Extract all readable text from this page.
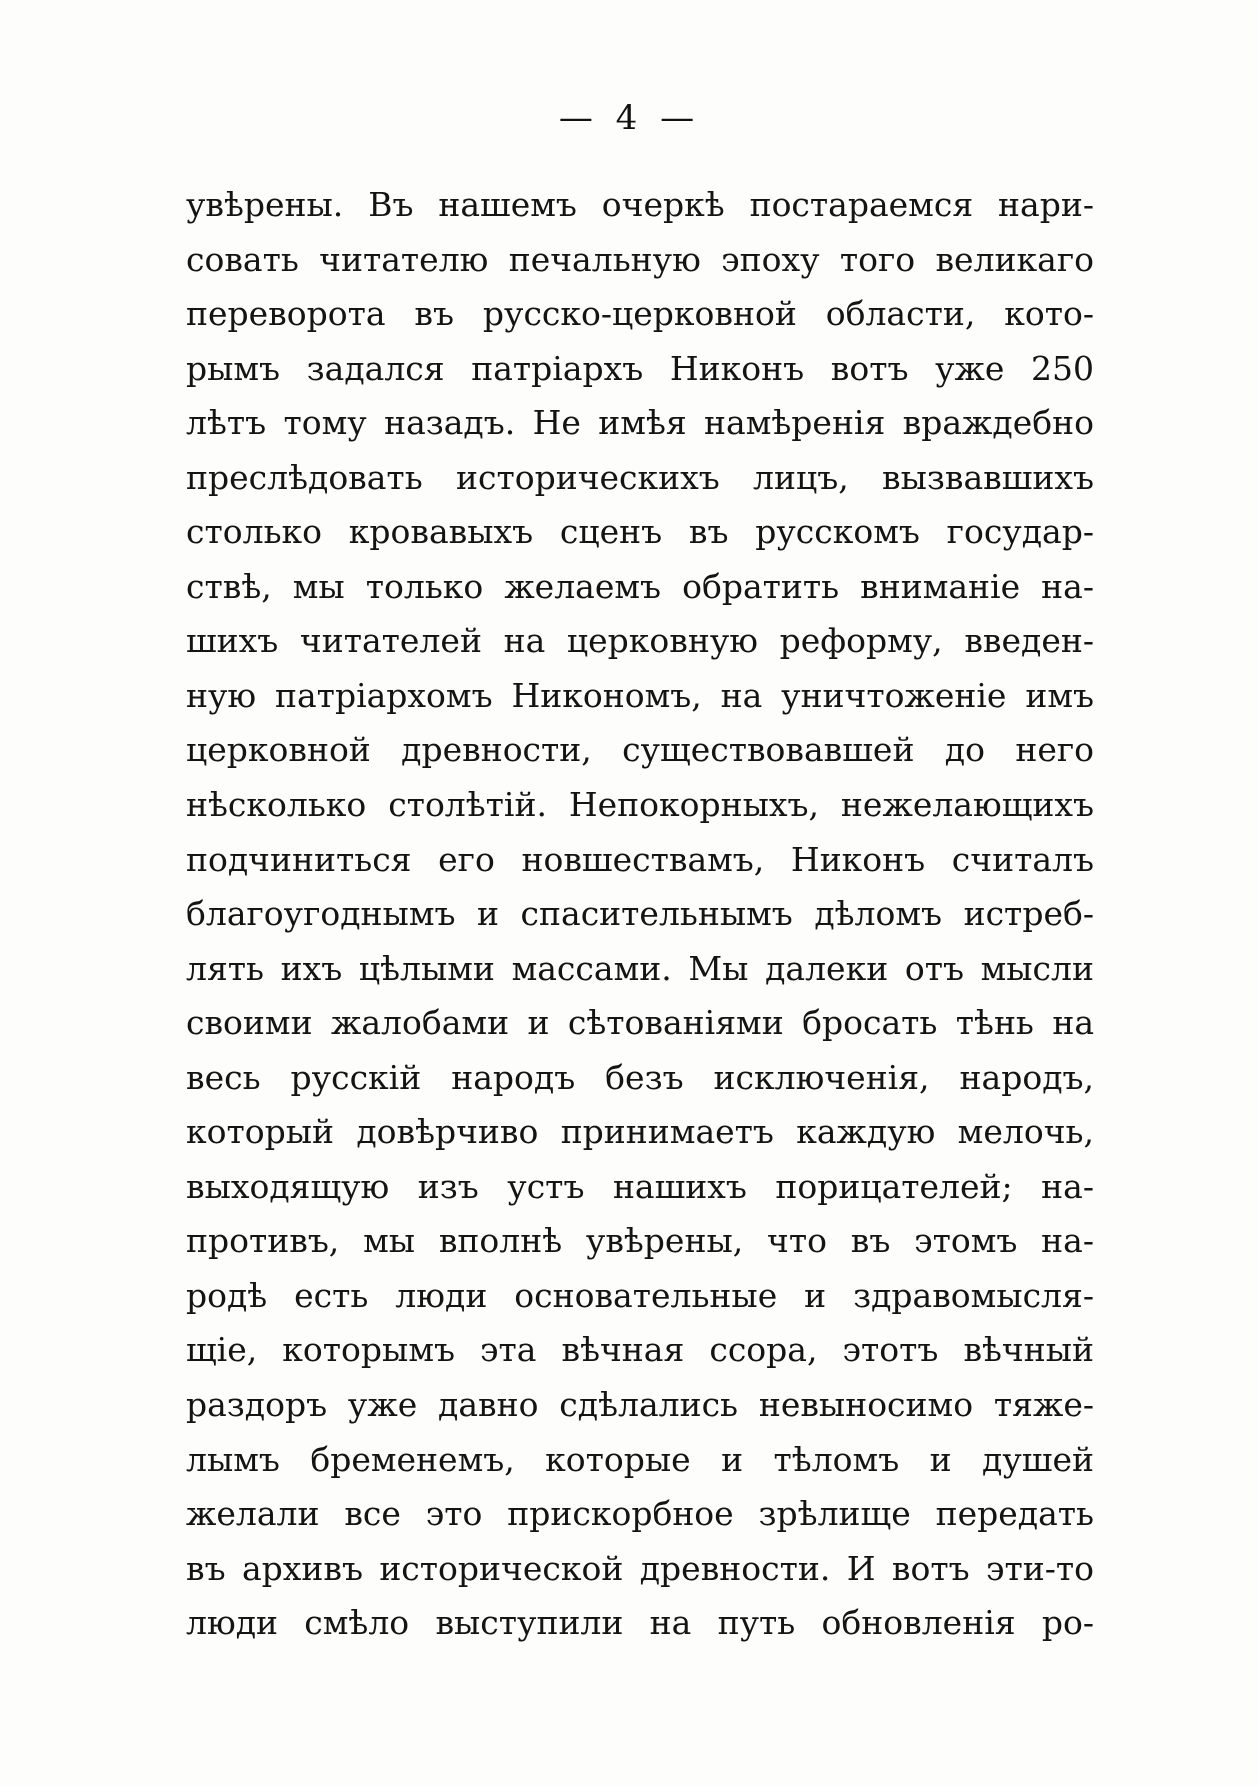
— 4 —
увѣрены. Въ нашемъ очеркѣ постараемся нари-
совать читателю печальную эпоху того великаго
переворота въ русско-церковной области, кото-
рымъ задался патріархъ Никонъ вотъ уже 250
лѣтъ тому назадъ. Не имѣя намѣренія враждебно
преслѣдовать историческихъ лицъ, вызвавшихъ
столько кровавыхъ сценъ въ русскомъ государ-
ствѣ, мы только желаемъ обратить вниманіе на-
шихъ читателей на церковную реформу, введен-
ную патріархомъ Никономъ, на уничтоженіе имъ
церковной древности, существовавшей до него
нѣсколько столѣтій. Непокорныхъ, нежелающихъ
подчиниться его новшествамъ, Никонъ считалъ
благоугоднымъ и спасительнымъ дѣломъ истреб-
лять ихъ цѣлыми массами. Мы далеки отъ мысли
своими жалобами и сѣтованіями бросать тѣнь на
весь русскій народъ безъ исключенія, народъ,
который довѣрчиво принимаетъ каждую мелочь,
выходящую изъ устъ нашихъ порицателей; на-
противъ, мы вполнѣ увѣрены, что въ этомъ на-
родѣ есть люди основательные и здравомысля-
щіе, которымъ эта вѣчная ссора, этотъ вѣчный
раздоръ уже давно сдѣлались невыносимо тяже-
лымъ бременемъ, которые и тѣломъ и душей
желали все это прискорбное зрѣлище передать
въ архивъ исторической древности. И вотъ эти-то
люди смѣло выступили на путь обновленія ро-
